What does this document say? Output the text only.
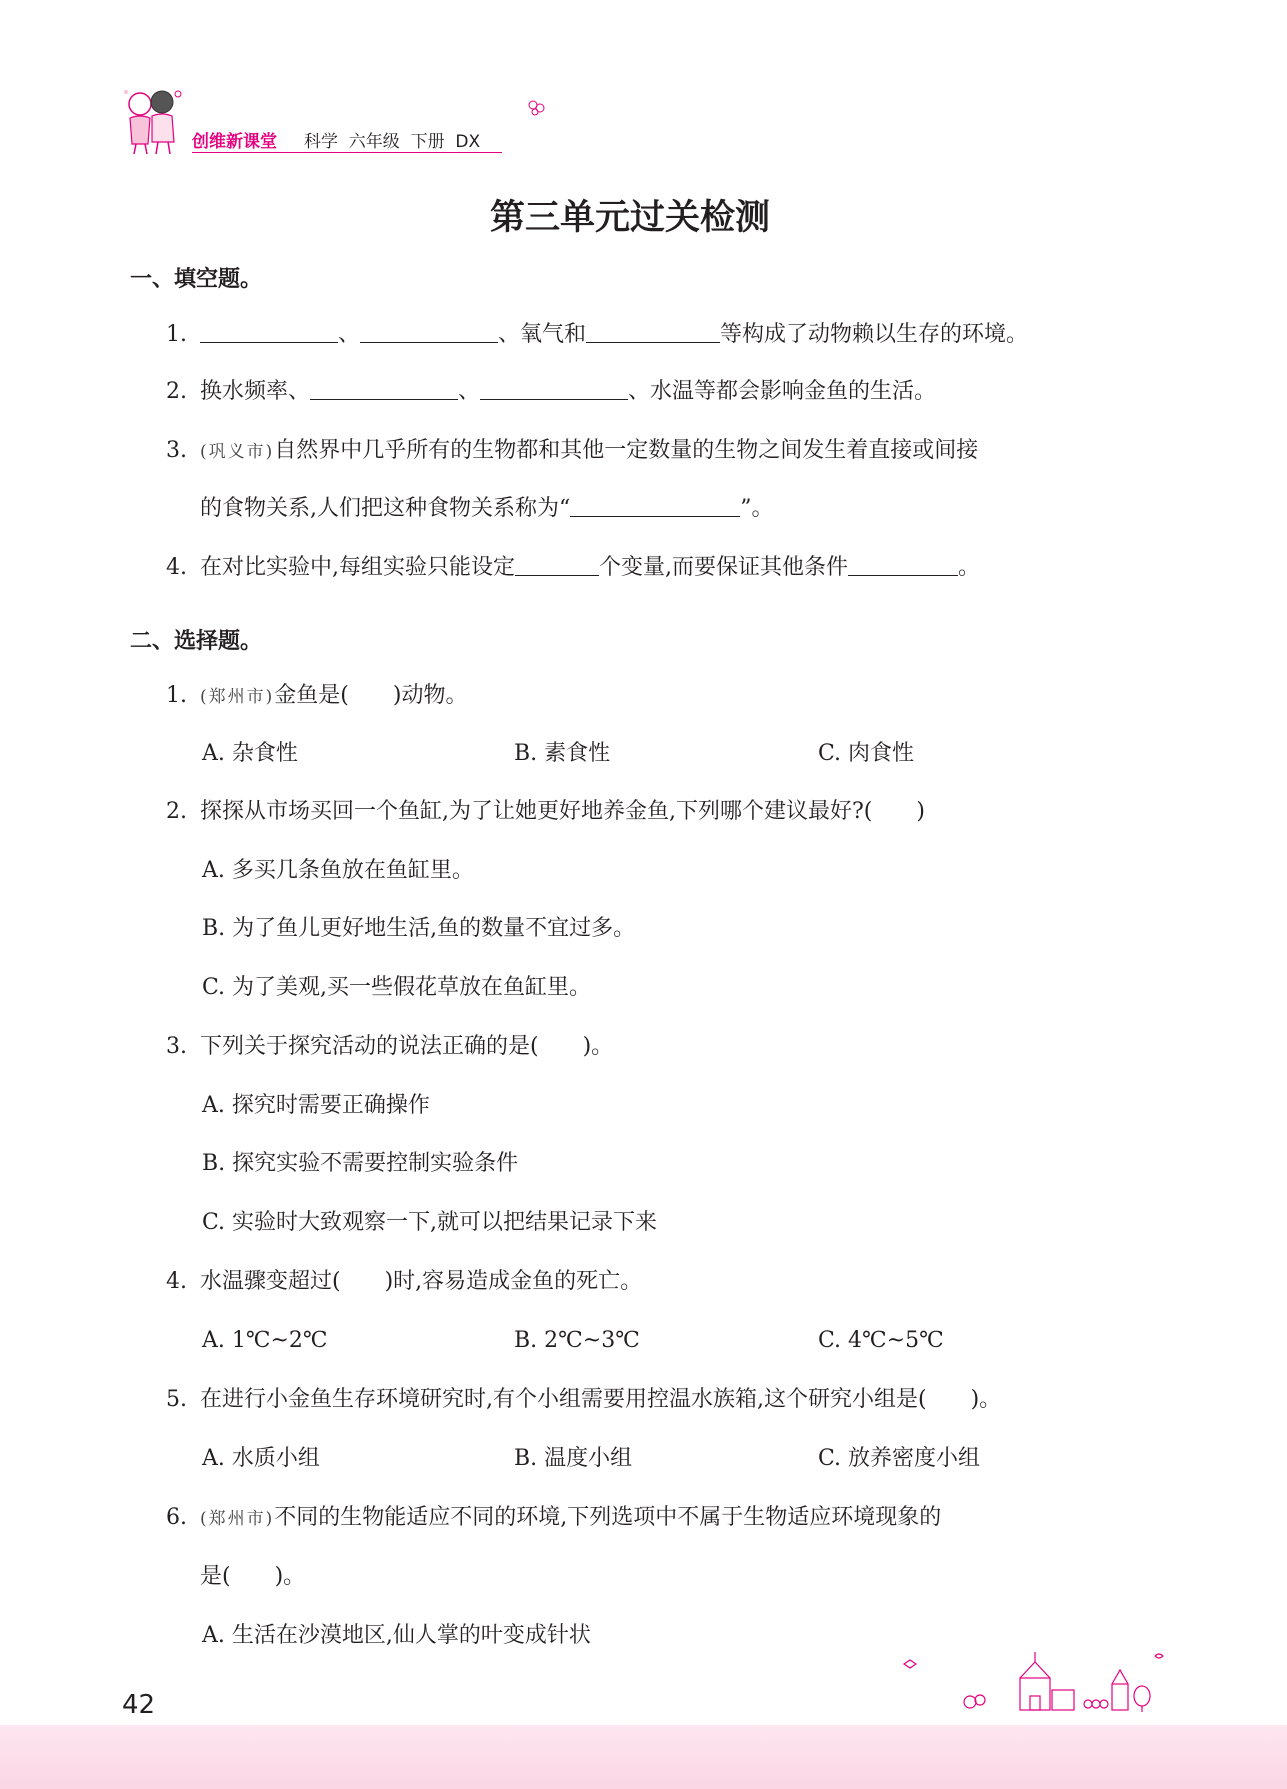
创维新课堂 科学  六年级  下册  DX
第三单元过关检测
一、填空题。
1.	、	、氧气和	等构成了动物赖以生存的环境。
2. 换水频率、	、	、水温等都会影响金鱼的生活。
3. (巩义市)自然界中几乎所有的生物都和其他一定数量的生物之间发生着直接或间接
的食物关系,人们把这种食物关系称为“	”。
4. 在对比实验中,每组实验只能设定	个变量,而要保证其他条件	。
二、选择题。
1. (郑州市)金鱼是( )动物。
A. 杂食性	B. 素食性	C. 肉食性
2. 探探从市场买回一个鱼缸,为了让她更好地养金鱼,下列哪个建议最好?( )
A. 多买几条鱼放在鱼缸里。
B. 为了鱼儿更好地生活,鱼的数量不宜过多。
C. 为了美观,买一些假花草放在鱼缸里。
3. 下列关于探究活动的说法正确的是( )。
A. 探究时需要正确操作
B. 探究实验不需要控制实验条件
C. 实验时大致观察一下,就可以把结果记录下来
4. 水温骤变超过( )时,容易造成金鱼的死亡。
A. 1℃~2℃	B. 2℃~3℃	C. 4℃~5℃
5. 在进行小金鱼生存环境研究时,有个小组需要用控温水族箱,这个研究小组是( )。
A. 水质小组	B. 温度小组	C. 放养密度小组
6. (郑州市)不同的生物能适应不同的环境,下列选项中不属于生物适应环境现象的
是( )。
A. 生活在沙漠地区,仙人掌的叶变成针状
42
